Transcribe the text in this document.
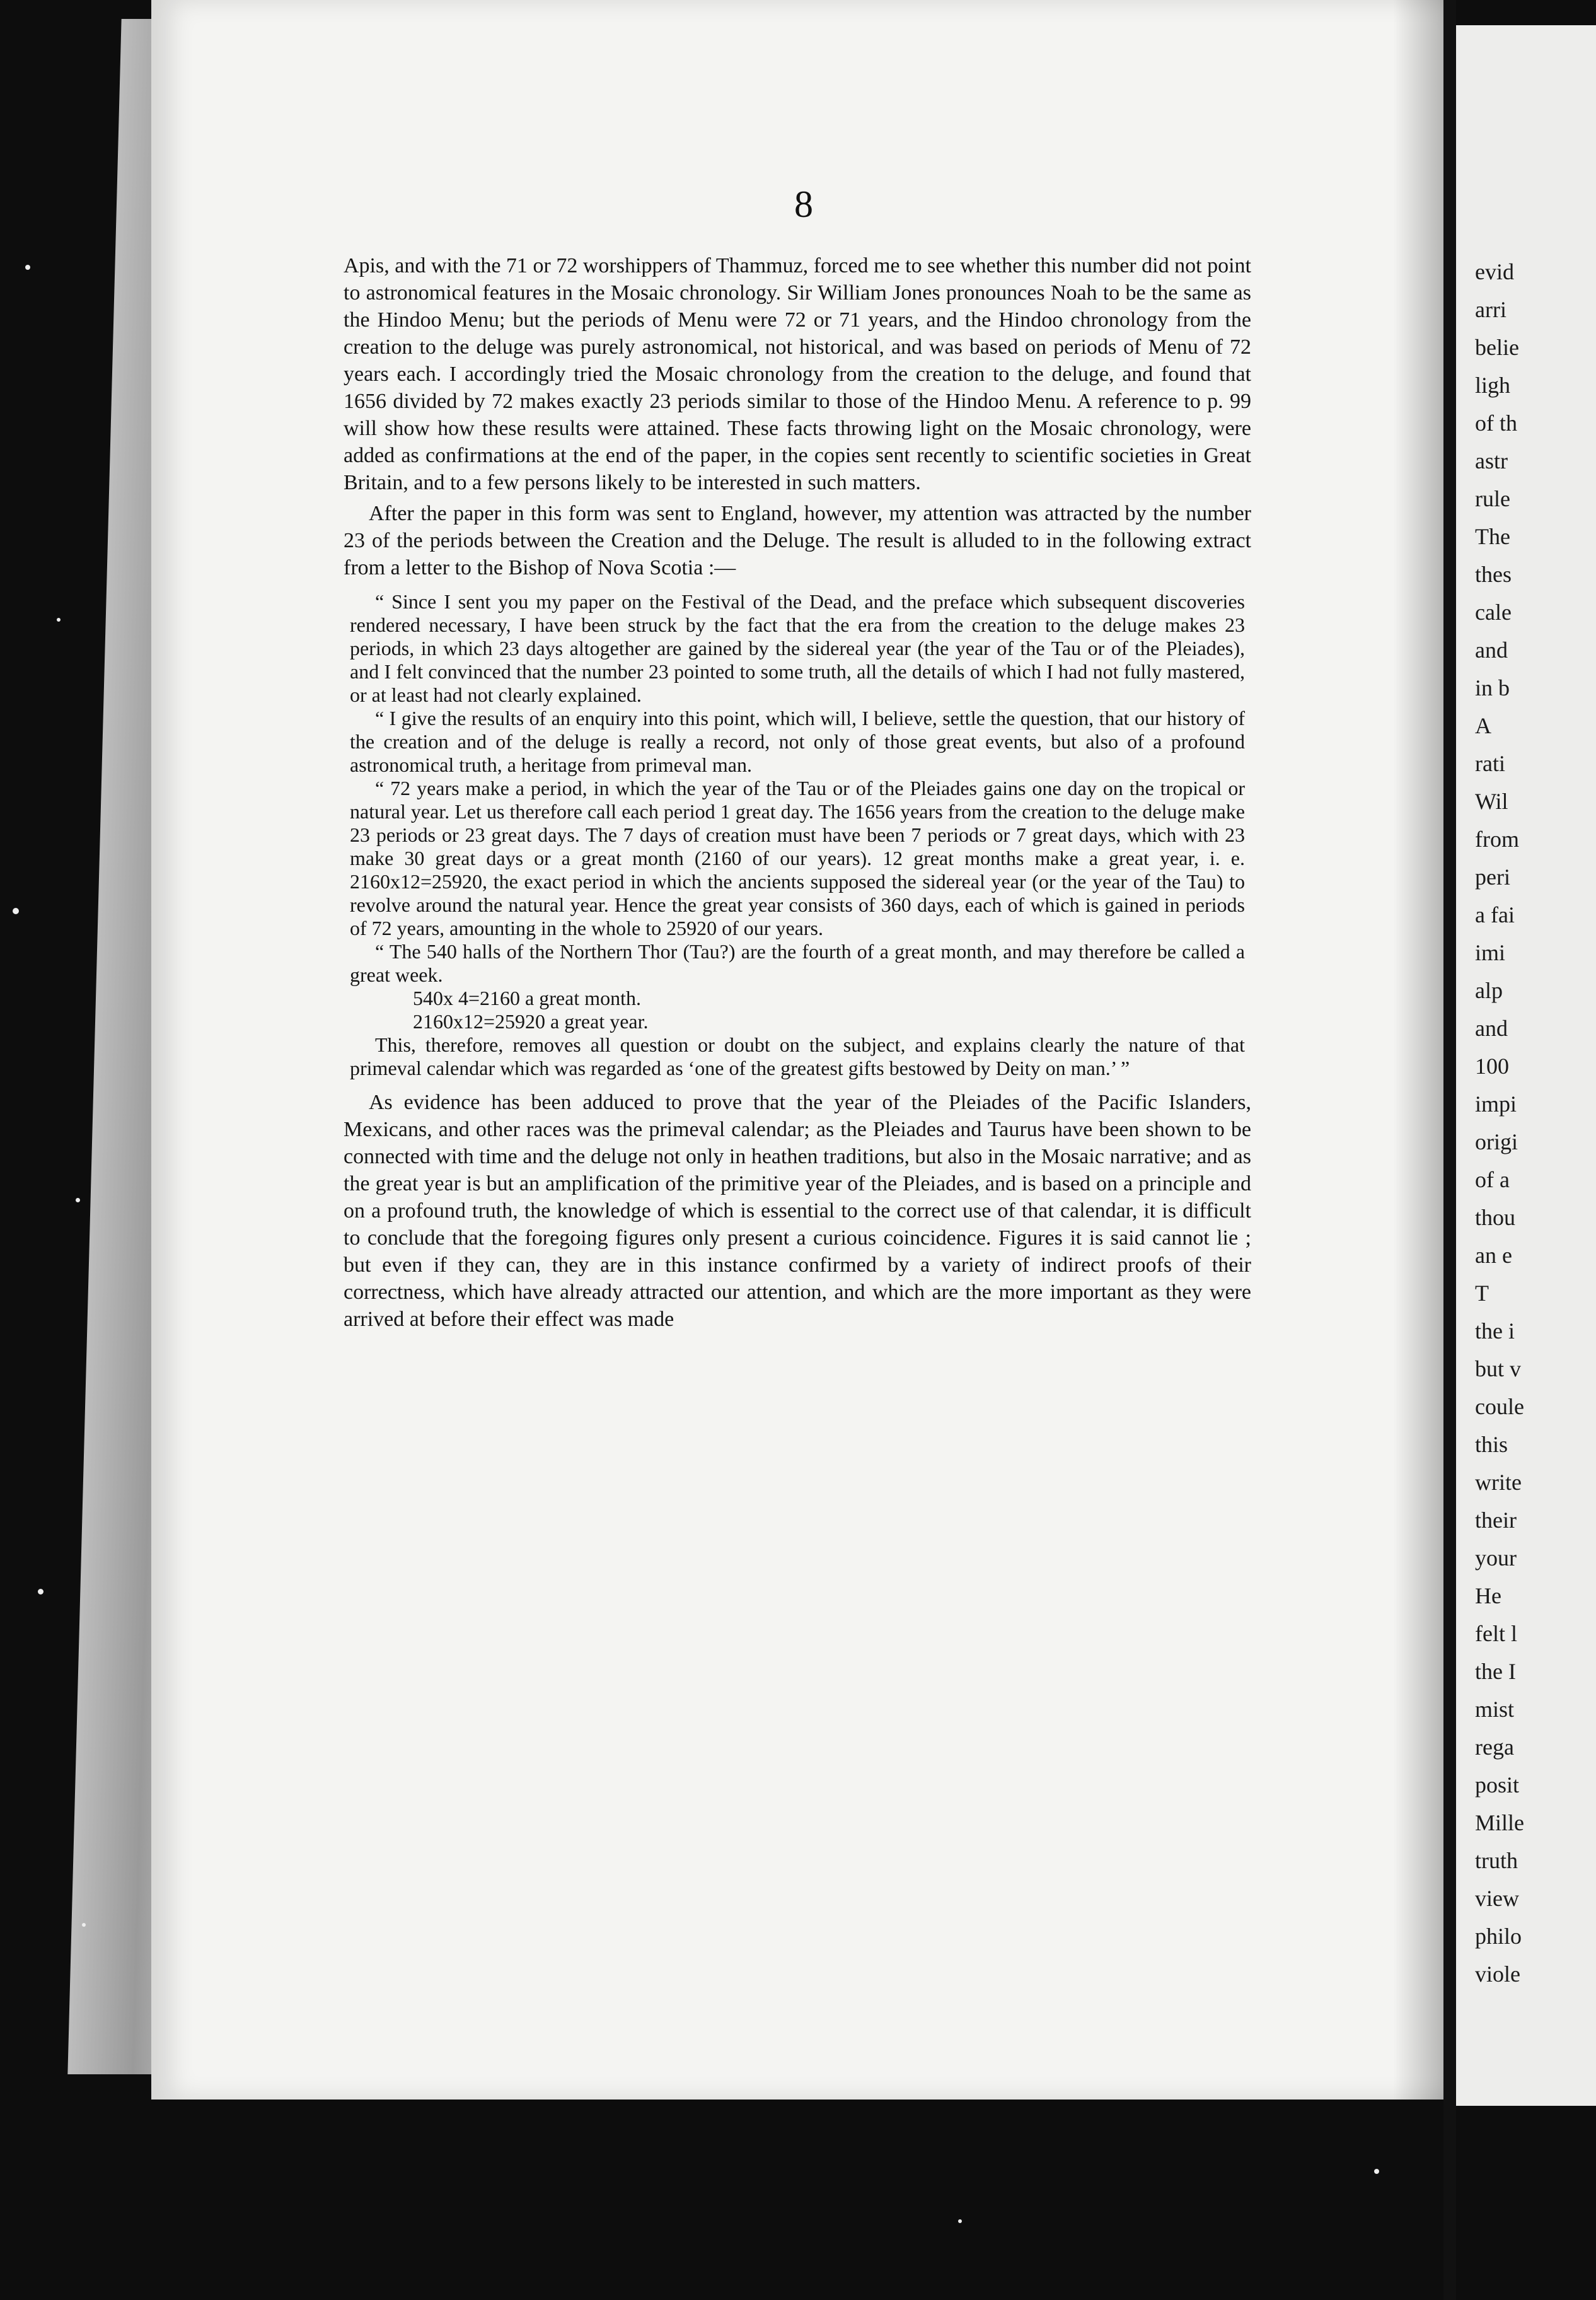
evid
arri
belie
ligh
of th
astr
rule
The
thes
cale
and
in b
A
rati
Wil
from
peri
a fai
imi
alp
and
100
impi
origi
of a
thou
an e
T
the i
but v
coule
this
write
their
your
He
felt l
the I
mist
rega
posit
Mille
truth
view
philo
viole
8

Apis, and with the 71 or 72 worshippers of Thammuz, forced me to see whether this number did not point to astronomical features in the Mosaic chronology. Sir William Jones pronounces Noah to be the same as the Hindoo Menu; but the periods of Menu were 72 or 71 years, and the Hindoo chronology from the creation to the deluge was purely astronomical, not historical, and was based on periods of Menu of 72 years each. I accordingly tried the Mosaic chronology from the creation to the deluge, and found that 1656 divided by 72 makes exactly 23 periods similar to those of the Hindoo Menu. A reference to p. 99 will show how these results were attained. These facts throwing light on the Mosaic chronology, were added as confirmations at the end of the paper, in the copies sent recently to scientific societies in Great Britain, and to a few persons likely to be interested in such matters.

After the paper in this form was sent to England, however, my attention was attracted by the number 23 of the periods between the Creation and the Deluge. The result is alluded to in the following extract from a letter to the Bishop of Nova Scotia :—

“ Since I sent you my paper on the Festival of the Dead, and the preface which subsequent discoveries rendered necessary, I have been struck by the fact that the era from the creation to the deluge makes 23 periods, in which 23 days altogether are gained by the sidereal year (the year of the Tau or of the Pleiades), and I felt convinced that the number 23 pointed to some truth, all the details of which I had not fully mastered, or at least had not clearly explained.

“ I give the results of an enquiry into this point, which will, I believe, settle the question, that our history of the creation and of the deluge is really a record, not only of those great events, but also of a profound astronomical truth, a heritage from primeval man.

“ 72 years make a period, in which the year of the Tau or of the Pleiades gains one day on the tropical or natural year. Let us therefore call each period 1 great day. The 1656 years from the creation to the deluge make 23 periods or 23 great days. The 7 days of creation must have been 7 periods or 7 great days, which with 23 make 30 great days or a great month (2160 of our years). 12 great months make a great year, i. e. 2160x12=25920, the exact period in which the ancients supposed the sidereal year (or the year of the Tau) to revolve around the natural year. Hence the great year consists of 360 days, each of which is gained in periods of 72 years, amounting in the whole to 25920 of our years.

“ The 540 halls of the Northern Thor (Tau?) are the fourth of a great month, and may therefore be called a great week.

540x 4=2160 a great month.

2160x12=25920 a great year.

This, therefore, removes all question or doubt on the subject, and explains clearly the nature of that primeval calendar which was regarded as ‘one of the greatest gifts bestowed by Deity on man.’ ”

As evidence has been adduced to prove that the year of the Pleiades of the Pacific Islanders, Mexicans, and other races was the primeval calendar; as the Pleiades and Taurus have been shown to be connected with time and the deluge not only in heathen traditions, but also in the Mosaic narrative; and as the great year is but an amplification of the primitive year of the Pleiades, and is based on a principle and on a profound truth, the knowledge of which is essential to the correct use of that calendar, it is difficult to conclude that the foregoing figures only present a curious coincidence. Figures it is said cannot lie ; but even if they can, they are in this instance confirmed by a variety of indirect proofs of their correctness, which have already attracted our attention, and which are the more important as they were arrived at before their effect was made
